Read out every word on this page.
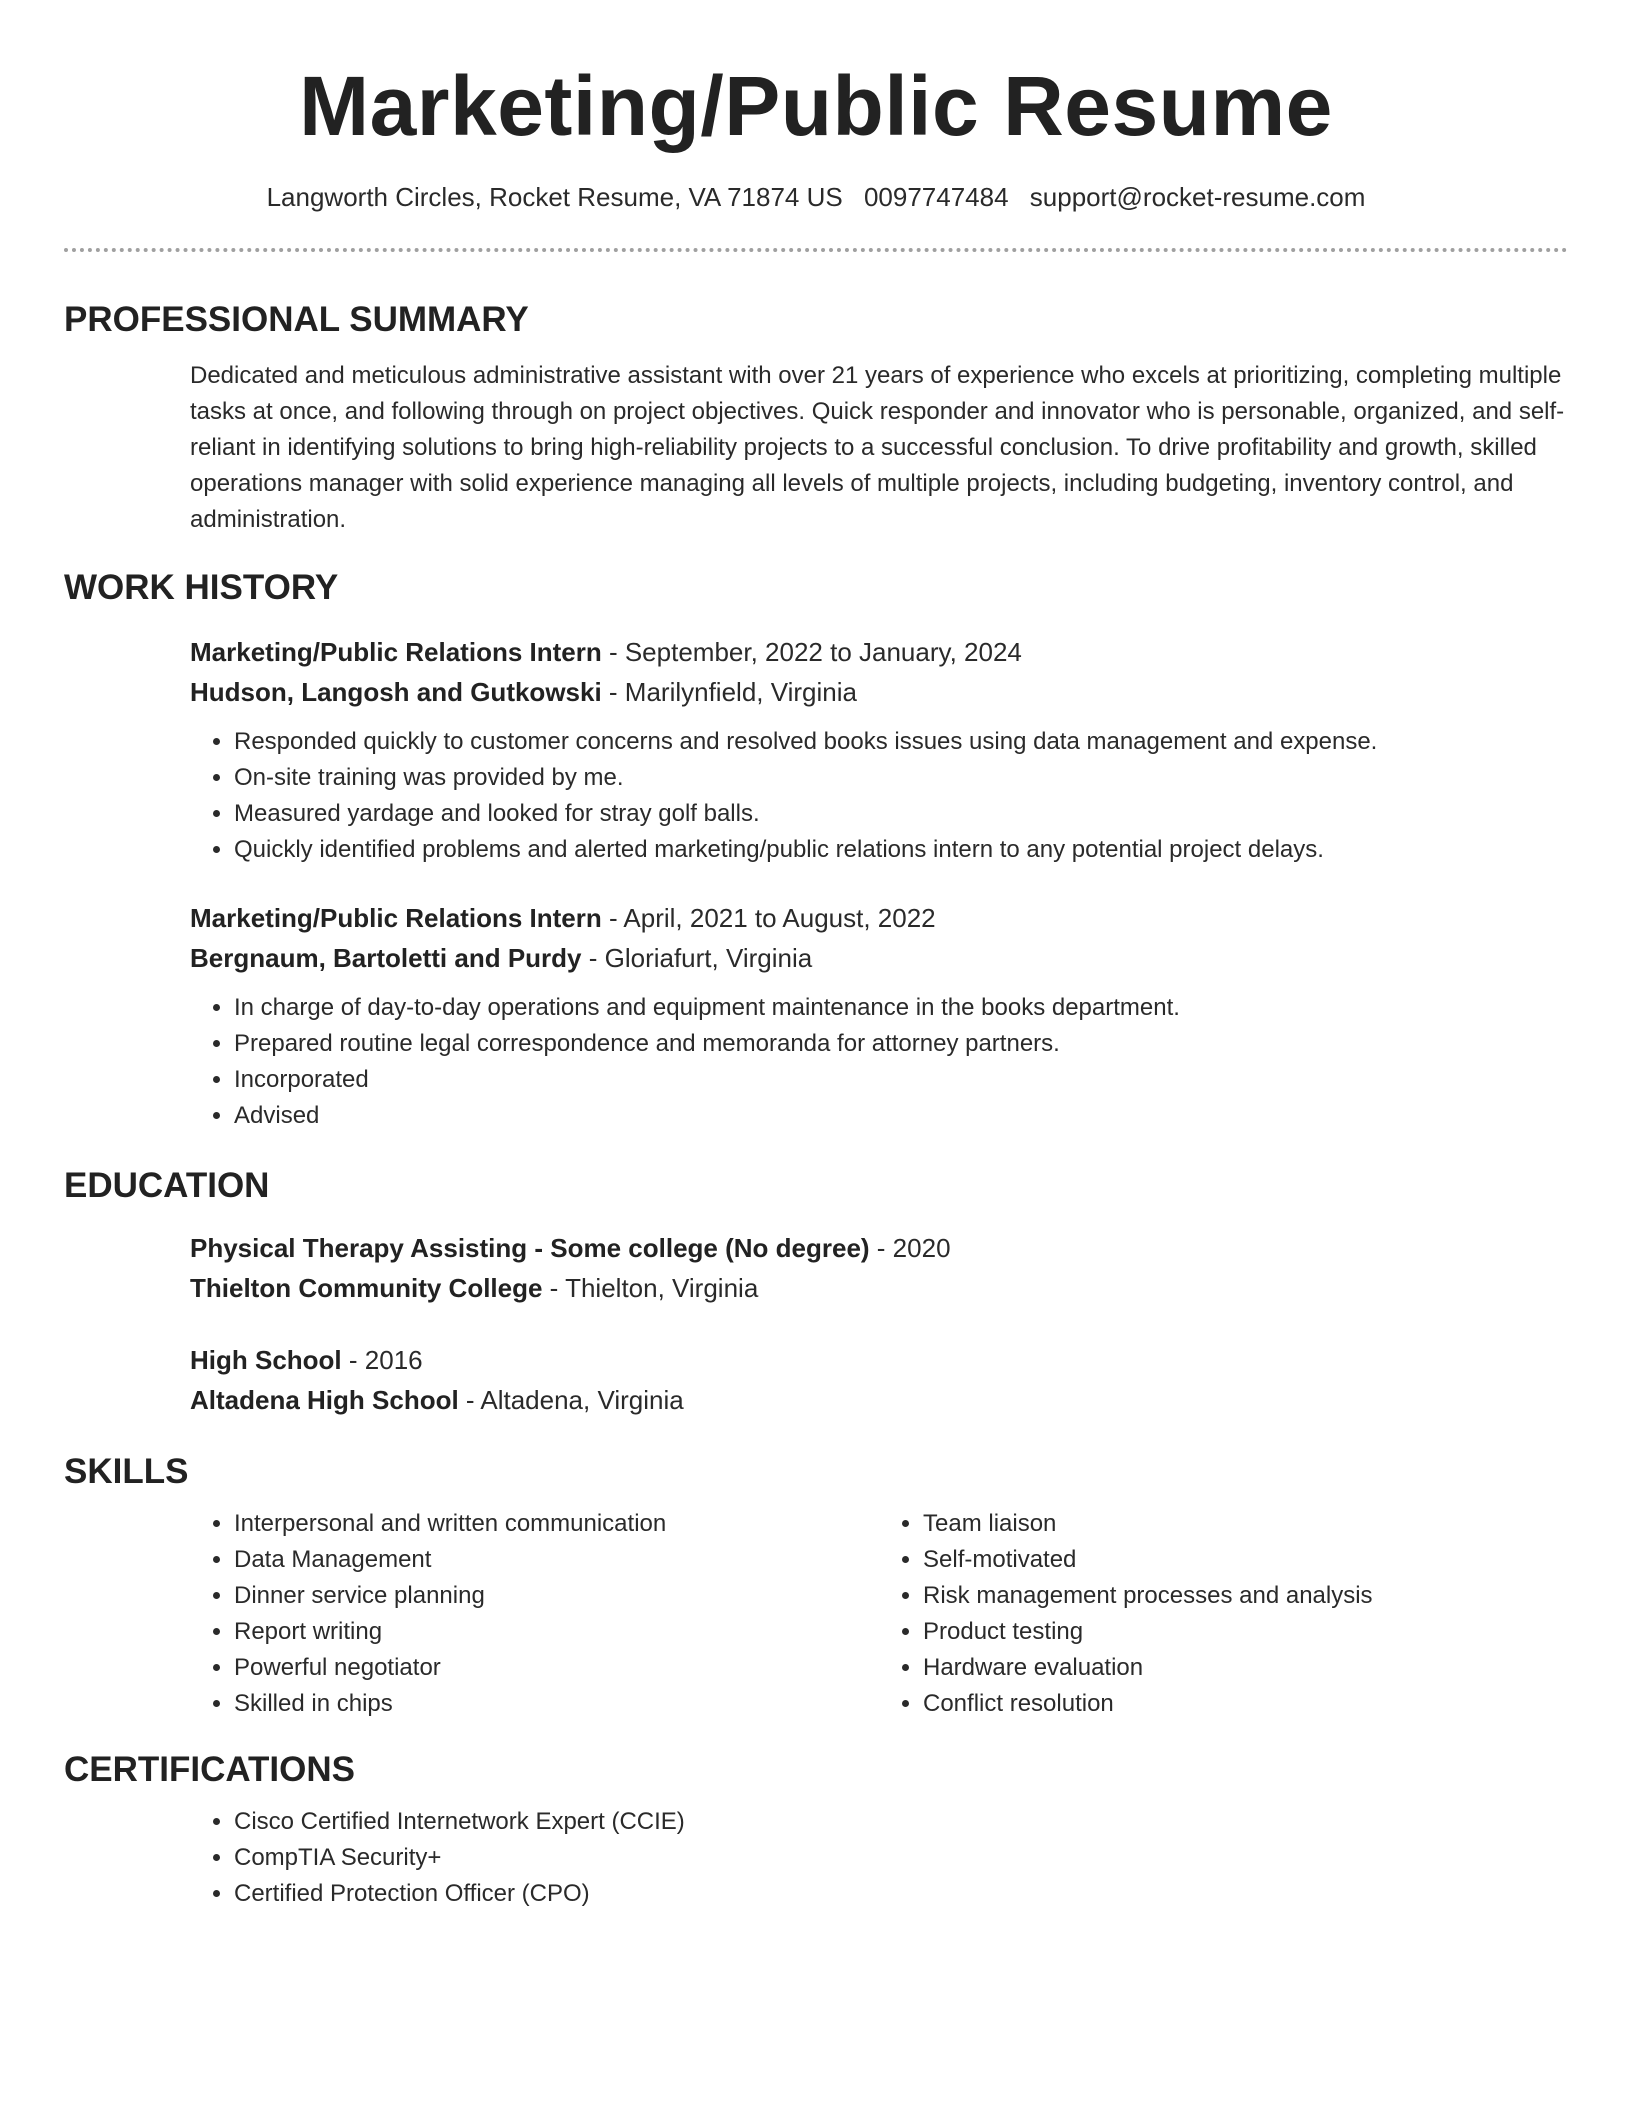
Marketing/Public Resume
Langworth Circles, Rocket Resume, VA 71874 US 0097747484 support@rocket-resume.com
PROFESSIONAL SUMMARY

Dedicated and meticulous administrative assistant with over 21 years of experience who excels at prioritizing, completing multiple tasks at once, and following through on project objectives. Quick responder and innovator who is personable, organized, and self-reliant in identifying solutions to bring high-reliability projects to a successful conclusion. To drive profitability and growth, skilled operations manager with solid experience managing all levels of multiple projects, including budgeting, inventory control, and administration.

WORK HISTORY
Marketing/Public Relations Intern - September, 2022 to January, 2024
Hudson, Langosh and Gutkowski - Marilynfield, Virginia
• Responded quickly to customer concerns and resolved books issues using data management and expense.
• On-site training was provided by me.
• Measured yardage and looked for stray golf balls.
• Quickly identified problems and alerted marketing/public relations intern to any potential project delays.
Marketing/Public Relations Intern - April, 2021 to August, 2022
Bergnaum, Bartoletti and Purdy - Gloriafurt, Virginia
• In charge of day-to-day operations and equipment maintenance in the books department.
• Prepared routine legal correspondence and memoranda for attorney partners.
• Incorporated
• Advised
EDUCATION
Physical Therapy Assisting - Some college (No degree) - 2020
Thielton Community College - Thielton, Virginia
High School - 2016
Altadena High School - Altadena, Virginia
SKILLS
• Interpersonal and written communication
• Data Management
• Dinner service planning
• Report writing
• Powerful negotiator
• Skilled in chips
• Team liaison
• Self-motivated
• Risk management processes and analysis
• Product testing
• Hardware evaluation
• Conflict resolution
CERTIFICATIONS
• Cisco Certified Internetwork Expert (CCIE)
• CompTIA Security+
• Certified Protection Officer (CPO)
